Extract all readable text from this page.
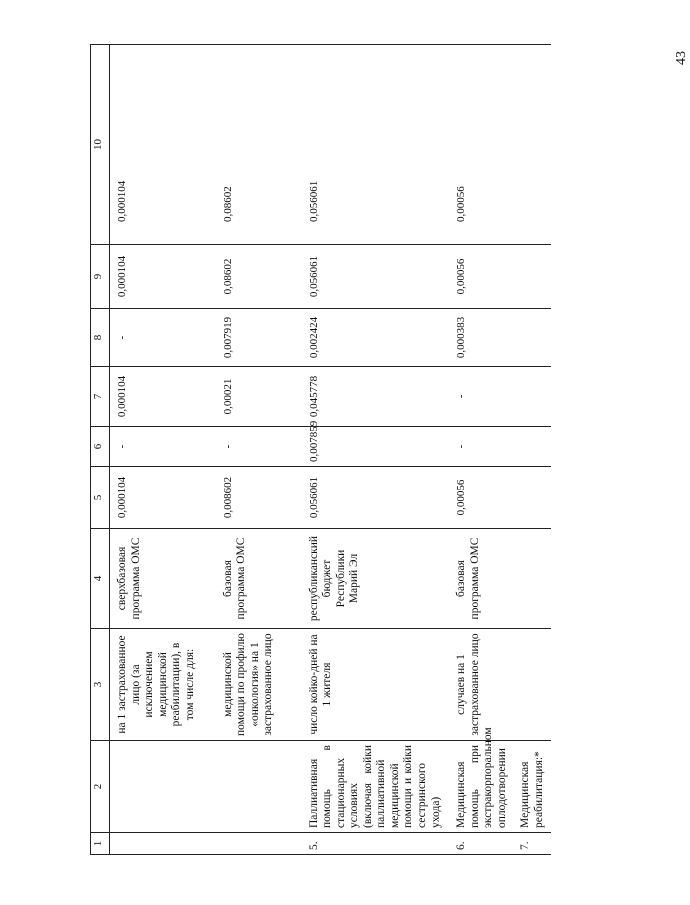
43
1	2	3	4	5	6	7	8	9	10
		на 1 застрахованное лицо (за исключением медицинской реабилитации), в том числе для:	сверхбазовая программа ОМС	0,000104	-	0,000104	-	0,000104	0,000104
		медицинской помощи по профилю «онкология» на 1 застрахованное лицо	базовая программа ОМС	0,008602	-	0,00021	0,007919	0,08602	0,08602
5.	Паллиативная помощь в стационарных условиях (включая койки паллиативной медицинской помощи и койки сестринского ухода)	число койко-дней на 1 жителя	республиканский бюджет Республики Марий Эл	0,056061	0,007859	0,045778	0,002424	0,056061	0,056061
6.	Медицинская помощь при экстракорпоральном оплодотворении	случаев на 1 застрахованное лицо	базовая программа ОМС	0,00056	-	-	0,000383	0,00056	0,00056
7.	Медицинская реабилитация:*								
